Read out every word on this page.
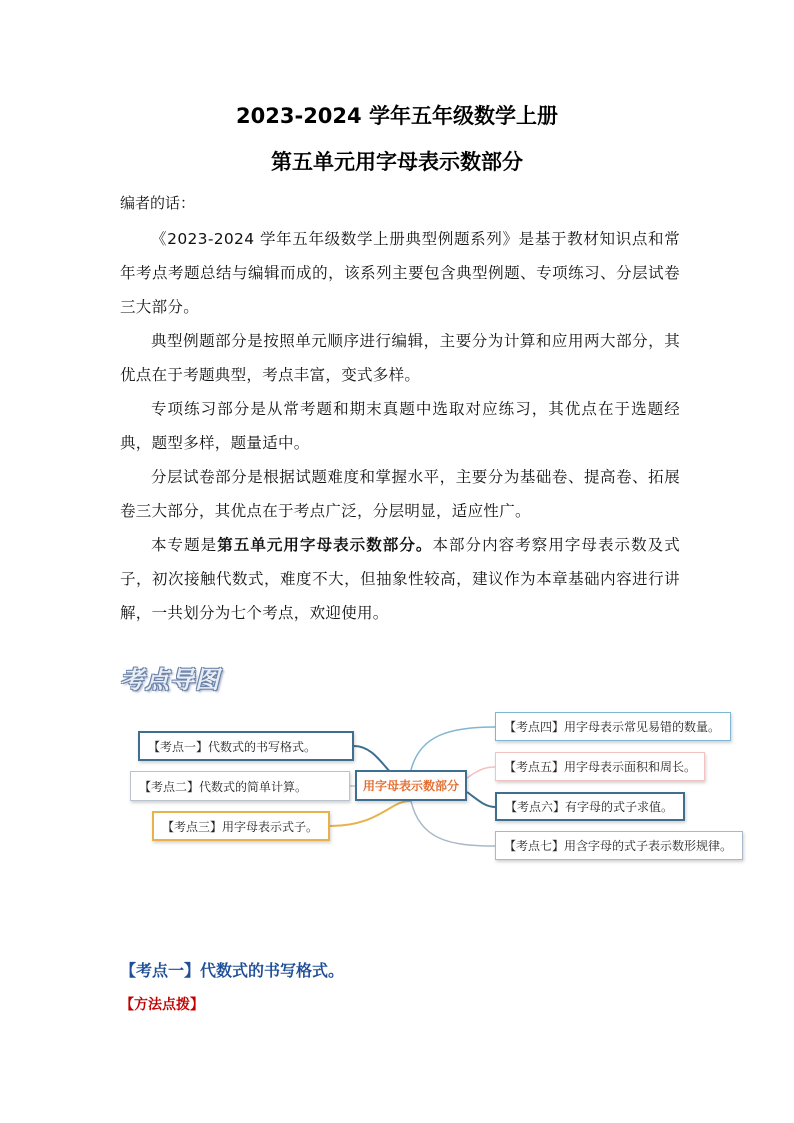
2023-2024 学年五年级数学上册
第五单元用字母表示数部分
编者的话：
《2023-2024 学年五年级数学上册典型例题系列》是基于教材知识点和常年考点考题总结与编辑而成的，该系列主要包含典型例题、专项练习、分层试卷三大部分。
典型例题部分是按照单元顺序进行编辑，主要分为计算和应用两大部分，其优点在于考题典型，考点丰富，变式多样。
专项练习部分是从常考题和期末真题中选取对应练习，其优点在于选题经典，题型多样，题量适中。
分层试卷部分是根据试题难度和掌握水平，主要分为基础卷、提高卷、拓展卷三大部分，其优点在于考点广泛，分层明显，适应性广。
本专题是第五单元用字母表示数部分。本部分内容考察用字母表示数及式子，初次接触代数式，难度不大，但抽象性较高，建议作为本章基础内容进行讲解，一共划分为七个考点，欢迎使用。
考点导图
【考点一】代数式的书写格式。
【考点二】代数式的简单计算。
【考点三】用字母表示式子。
用字母表示数部分
【考点四】用字母表示常见易错的数量。
【考点五】用字母表示面积和周长。
【考点六】有字母的式子求值。
【考点七】用含字母的式子表示数形规律。
【考点一】代数式的书写格式。
【方法点拨】
